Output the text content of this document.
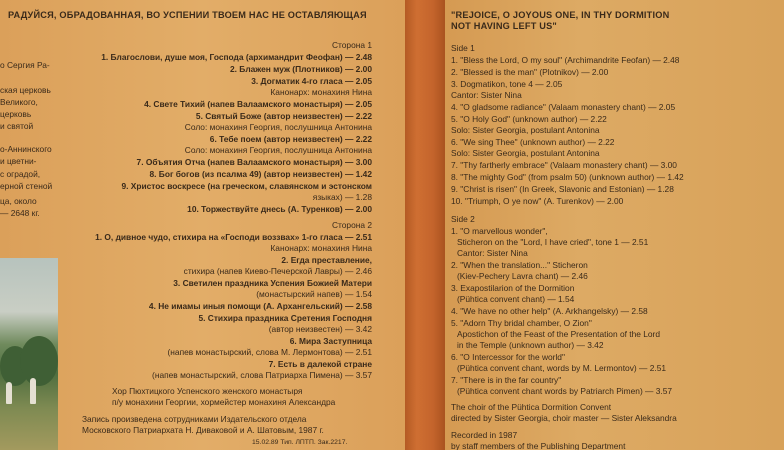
РАДУЙСЯ, ОБРАДОВАННАЯ, ВО УСПЕНИИ ТВОЕМ НАС НЕ ОСТАВЛЯЮЩАЯ
о Сергия Ра-
ская церковь
Великого,
церковь
и святой
о-Аннинского
и цветни-
с оградой,
ерной стеной
ца, около
— 2648 кг.
Сторона 1
1. Благослови, душе моя, Господа (архимандрит Феофан) — 2.48
2. Блажен муж (Плотников) — 2.00
3. Догматик 4-го гласа — 2.05
Канонарх: монахиня Нина
4. Свете Тихий (напев Валаамского монастыря) — 2.05
5. Святый Боже (автор неизвестен) — 2.22
Соло: монахиня Георгия, послушница Антонина
6. Тебе поем (автор неизвестен) — 2.22
Соло: монахиня Георгия, послушница Антонина
7. Объятия Отча (напев Валаамского монастыря) — 3.00
8. Бог богов (из псалма 49) (автор неизвестен) — 1.42
9. Христос воскресе (на греческом, славянском и эстонском
языках) — 1.28
10. Торжествуйте днесь (А. Туренков) — 2.00
Сторона 2
1. О, дивное чудо, стихира на «Господи воззвах» 1-го гласа — 2.51
Канонарх: монахиня Нина
2. Егда преставление,
стихира (напев Киево-Печерской Лавры) — 2.46
3. Светилен праздника Успения Божией Матери
(монастырский напев) — 1.54
4. Не имамы иныя помощи (А. Архангельский) — 2.58
5. Стихира праздника Сретения Господня
(автор неизвестен) — 3.42
6. Мира Заступница
(напев монастырский, слова М. Лермонтова) — 2.51
7. Есть в далекой стране
(напев монастырский, слова Патриарха Пимена) — 3.57
Хор Пюхтицкого Успенского женского монастыря
п/у монахини Георгии, хормейстер монахиня Александра
Запись произведена сотрудниками Издательского отдела
Московского Патриархата Н. Диваковой и А. Шатовым, 1987 г.
15.02.89 Тип. ЛПТП. Зак.2217.
"REJOICE, O JOYOUS ONE, IN THY DORMITION
NOT HAVING LEFT US"
Side 1
1. "Bless the Lord, O my soul" (Archimandrite Feofan) — 2.48
2. "Blessed is the man" (Plotnikov) — 2.00
3. Dogmatikon, tone 4 — 2.05
Cantor: Sister Nina
4. "O gladsome radiance" (Valaam monastery chant) — 2.05
5. "O Holy God" (unknown author) — 2.22
Solo: Sister Georgia, postulant Antonina
6. "We sing Thee" (unknown author) — 2.22
Solo: Sister Georgia, postulant Antonina
7. "Thy fartherly embrace" (Valaam monastery chant) — 3.00
8. "The mighty God" (from psalm 50) (unknown author) — 1.42
9. "Christ is risen" (In Greek, Slavonic and Estonian) — 1.28
10. "Triumph, O ye now" (A. Turenkov) — 2.00
Side 2
1. "O marvellous wonder",
Sticheron on the "Lord, I have cried", tone 1 — 2.51
Cantor: Sister Nina
2. "When the translation..." Sticheron
(Kiev-Pechery Lavra chant) — 2.46
3. Exapostilarion of the Dormition
(Pühtica convent chant) — 1.54
4. "We have no other help" (A. Arkhangelsky) — 2.58
5. "Adorn Thy bridal chamber, O Zion"
Apostichon of the Feast of the Presentation of the Lord
in the Temple (unknown author) — 3.42
6. "O Intercessor for the world"
(Pühtica convent chant, words by M. Lermontov) — 2.51
7. "There is in the far country"
(Pühtica convent chant words by Patriarch Pimen) — 3.57
The choir of the Pühtica Dormition Convent
directed by Sister Georgia, choir master — Sister Aleksandra
Recorded in 1987
by staff members of the Publishing Department
